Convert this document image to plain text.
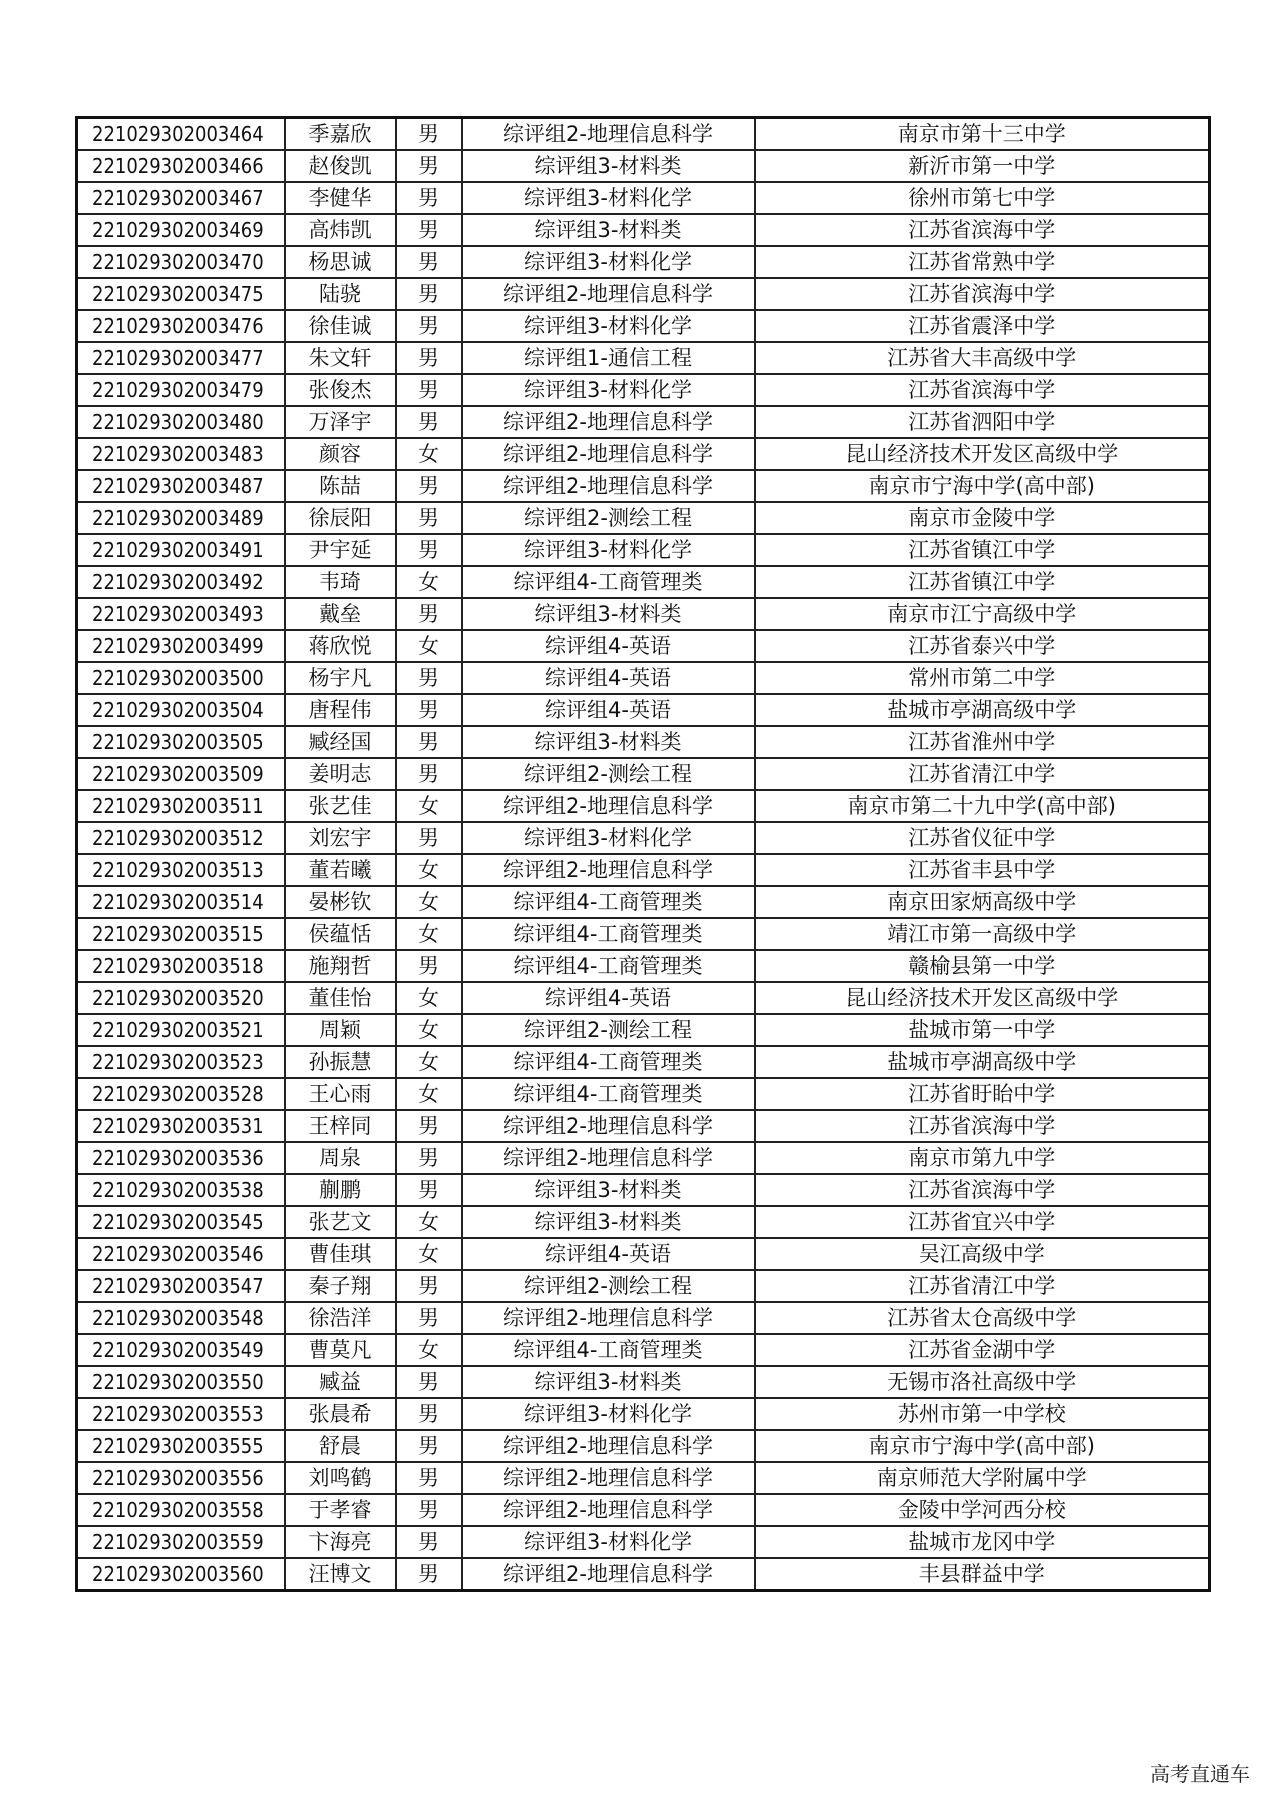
221029302003464	季嘉欣	男	综评组2-地理信息科学	南京市第十三中学
221029302003466	赵俊凯	男	综评组3-材料类	新沂市第一中学
221029302003467	李健华	男	综评组3-材料化学	徐州市第七中学
221029302003469	高炜凯	男	综评组3-材料类	江苏省滨海中学
221029302003470	杨思诚	男	综评组3-材料化学	江苏省常熟中学
221029302003475	陆骁	男	综评组2-地理信息科学	江苏省滨海中学
221029302003476	徐佳诚	男	综评组3-材料化学	江苏省震泽中学
221029302003477	朱文轩	男	综评组1-通信工程	江苏省大丰高级中学
221029302003479	张俊杰	男	综评组3-材料化学	江苏省滨海中学
221029302003480	万泽宇	男	综评组2-地理信息科学	江苏省泗阳中学
221029302003483	颜容	女	综评组2-地理信息科学	昆山经济技术开发区高级中学
221029302003487	陈喆	男	综评组2-地理信息科学	南京市宁海中学(高中部)
221029302003489	徐辰阳	男	综评组2-测绘工程	南京市金陵中学
221029302003491	尹宇延	男	综评组3-材料化学	江苏省镇江中学
221029302003492	韦琦	女	综评组4-工商管理类	江苏省镇江中学
221029302003493	戴垒	男	综评组3-材料类	南京市江宁高级中学
221029302003499	蒋欣悦	女	综评组4-英语	江苏省泰兴中学
221029302003500	杨宇凡	男	综评组4-英语	常州市第二中学
221029302003504	唐程伟	男	综评组4-英语	盐城市亭湖高级中学
221029302003505	臧经国	男	综评组3-材料类	江苏省淮州中学
221029302003509	姜明志	男	综评组2-测绘工程	江苏省清江中学
221029302003511	张艺佳	女	综评组2-地理信息科学	南京市第二十九中学(高中部)
221029302003512	刘宏宇	男	综评组3-材料化学	江苏省仪征中学
221029302003513	董若曦	女	综评组2-地理信息科学	江苏省丰县中学
221029302003514	晏彬钦	女	综评组4-工商管理类	南京田家炳高级中学
221029302003515	侯蕴恬	女	综评组4-工商管理类	靖江市第一高级中学
221029302003518	施翔哲	男	综评组4-工商管理类	赣榆县第一中学
221029302003520	董佳怡	女	综评组4-英语	昆山经济技术开发区高级中学
221029302003521	周颖	女	综评组2-测绘工程	盐城市第一中学
221029302003523	孙振慧	女	综评组4-工商管理类	盐城市亭湖高级中学
221029302003528	王心雨	女	综评组4-工商管理类	江苏省盱眙中学
221029302003531	王梓同	男	综评组2-地理信息科学	江苏省滨海中学
221029302003536	周泉	男	综评组2-地理信息科学	南京市第九中学
221029302003538	蒯鹏	男	综评组3-材料类	江苏省滨海中学
221029302003545	张艺文	女	综评组3-材料类	江苏省宜兴中学
221029302003546	曹佳琪	女	综评组4-英语	吴江高级中学
221029302003547	秦子翔	男	综评组2-测绘工程	江苏省清江中学
221029302003548	徐浩洋	男	综评组2-地理信息科学	江苏省太仓高级中学
221029302003549	曹莫凡	女	综评组4-工商管理类	江苏省金湖中学
221029302003550	臧益	男	综评组3-材料类	无锡市洛社高级中学
221029302003553	张晨希	男	综评组3-材料化学	苏州市第一中学校
221029302003555	舒晨	男	综评组2-地理信息科学	南京市宁海中学(高中部)
221029302003556	刘鸣鹤	男	综评组2-地理信息科学	南京师范大学附属中学
221029302003558	于孝睿	男	综评组2-地理信息科学	金陵中学河西分校
221029302003559	卞海亮	男	综评组3-材料化学	盐城市龙冈中学
221029302003560	汪博文	男	综评组2-地理信息科学	丰县群益中学
高考直通车
